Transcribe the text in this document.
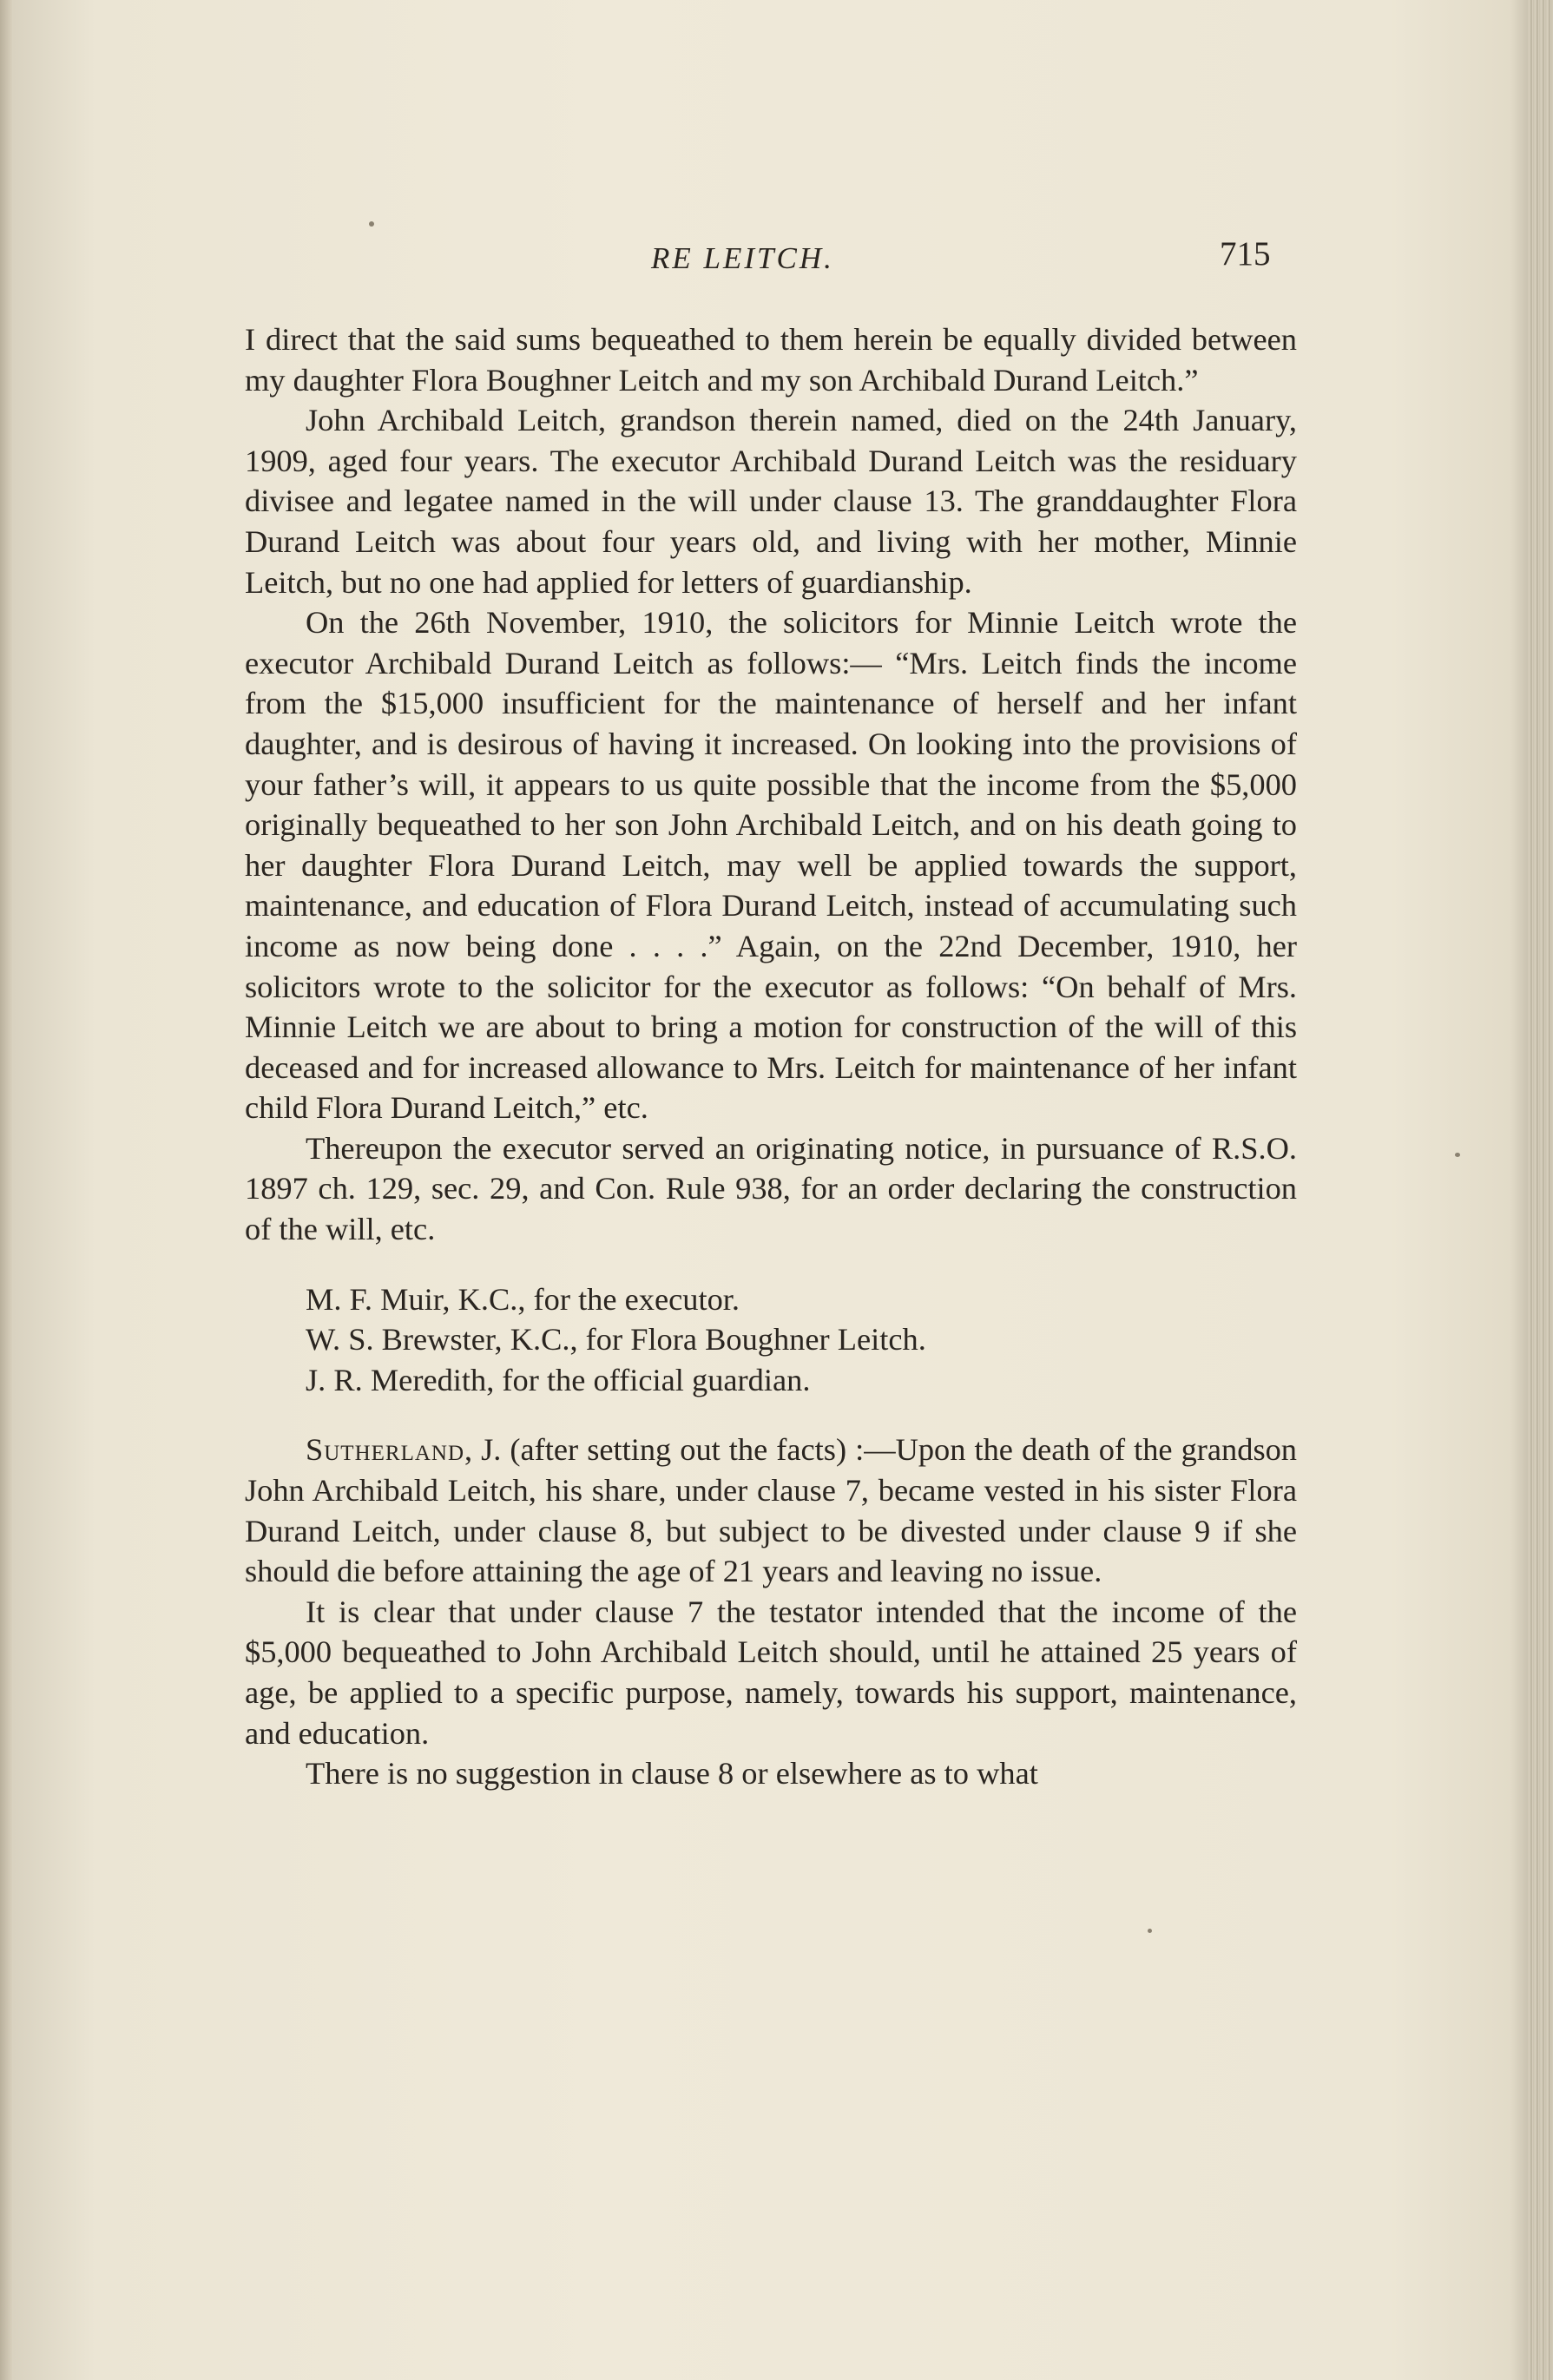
RE LEITCH.	715

I direct that the said sums bequeathed to them herein be equally divided between my daughter Flora Boughner Leitch and my son Archibald Durand Leitch.”

John Archibald Leitch, grandson therein named, died on the 24th January, 1909, aged four years. The executor Archibald Durand Leitch was the residuary divisee and legatee named in the will under clause 13. The granddaughter Flora Durand Leitch was about four years old, and living with her mother, Minnie Leitch, but no one had applied for letters of guardianship.

On the 26th November, 1910, the solicitors for Minnie Leitch wrote the executor Archibald Durand Leitch as follows:— “Mrs. Leitch finds the income from the $15,000 insufficient for the maintenance of herself and her infant daughter, and is desirous of having it increased. On looking into the provisions of your father’s will, it appears to us quite possible that the income from the $5,000 originally bequeathed to her son John Archibald Leitch, and on his death going to her daughter Flora Durand Leitch, may well be applied towards the support, maintenance, and education of Flora Durand Leitch, instead of accumulating such income as now being done . . . .” Again, on the 22nd December, 1910, her solicitors wrote to the solicitor for the executor as follows: “On behalf of Mrs. Minnie Leitch we are about to bring a motion for construction of the will of this deceased and for increased allowance to Mrs. Leitch for maintenance of her infant child Flora Durand Leitch,” etc.

Thereupon the executor served an originating notice, in pursuance of R.S.O. 1897 ch. 129, sec. 29, and Con. Rule 938, for an order declaring the construction of the will, etc.

M. F. Muir, K.C., for the executor.

W. S. Brewster, K.C., for Flora Boughner Leitch.

J. R. Meredith, for the official guardian.

Sutherland, J. (after setting out the facts) :—Upon the death of the grandson John Archibald Leitch, his share, under clause 7, became vested in his sister Flora Durand Leitch, under clause 8, but subject to be divested under clause 9 if she should die before attaining the age of 21 years and leaving no issue.

It is clear that under clause 7 the testator intended that the income of the $5,000 bequeathed to John Archibald Leitch should, until he attained 25 years of age, be applied to a specific purpose, namely, towards his support, maintenance, and education.

There is no suggestion in clause 8 or elsewhere as to what
